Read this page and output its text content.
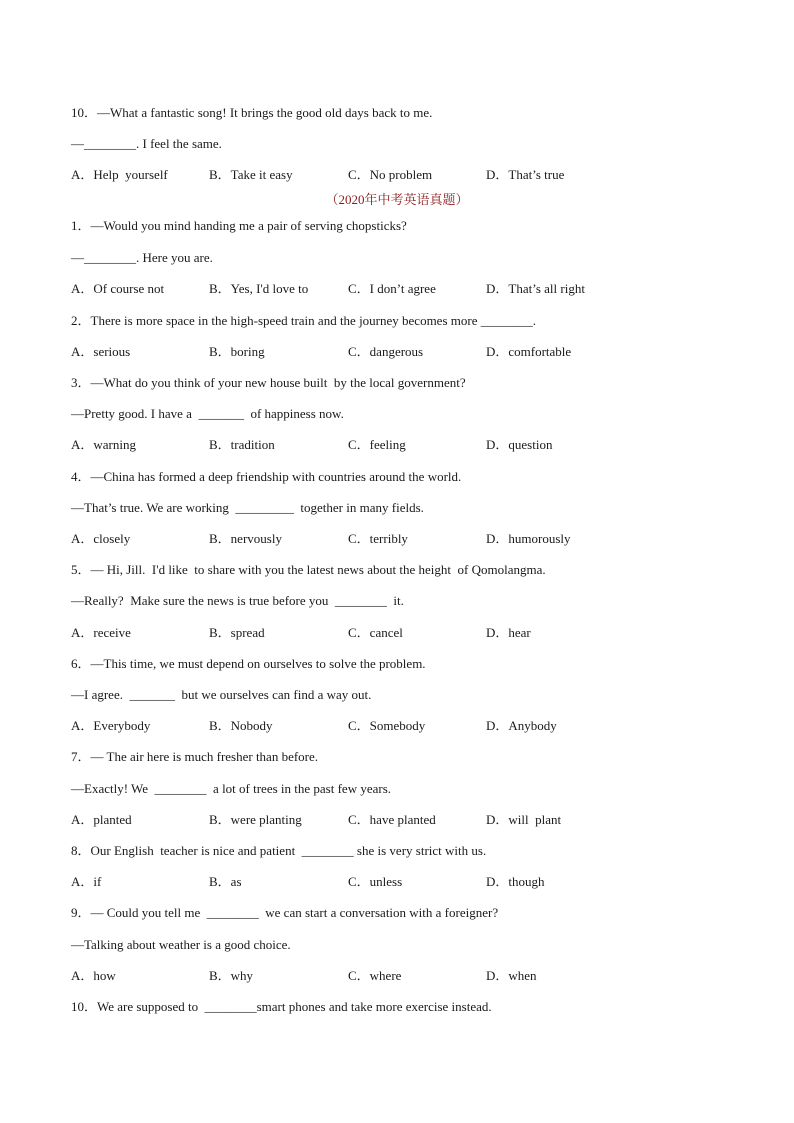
10．—What a fantastic song! It brings the good old days back to me.
—________. I feel the same.
A．Help  yourself	B．Take it easy	C．No problem	D．That’s true
（2020年中考英语真题）
1．—Would you mind handing me a pair of serving chopsticks?
—________. Here you are.
A．Of course not	B．Yes, I'd love to	C．I don’t agree	D．That’s all right
2．There is more space in the high-speed train and the journey becomes more ________.
A．serious	B．boring	C．dangerous	D．comfortable
3．—What do you think of your new house built  by the local government?
—Pretty good. I have a  _______  of happiness now.
A．warning	B．tradition	C．feeling	D．question
4．—China has formed a deep friendship with countries around the world.
—That’s true. We are working  _________  together in many fields.
A．closely	B．nervously	C．terribly	D．humorously
5．— Hi, Jill.  I'd like  to share with you the latest news about the height  of Qomolangma.
—Really?  Make sure the news is true before you  ________  it.
A．receive	B．spread	C．cancel	D．hear
6．—This time, we must depend on ourselves to solve the problem.
—I agree.  _______  but we ourselves can find a way out.
A．Everybody	B．Nobody	C．Somebody	D．Anybody
7．— The air here is much fresher than before.
—Exactly! We  ________  a lot of trees in the past few years.
A．planted	B．were planting	C．have planted	D．will  plant
8．Our English  teacher is nice and patient  ________ she is very strict with us.
A．if	B．as	C．unless	D．though
9．— Could you tell me  ________  we can start a conversation with a foreigner?
—Talking about weather is a good choice.
A．how	B．why	C．where	D．when
10．We are supposed to  ________smart phones and take more exercise instead.
